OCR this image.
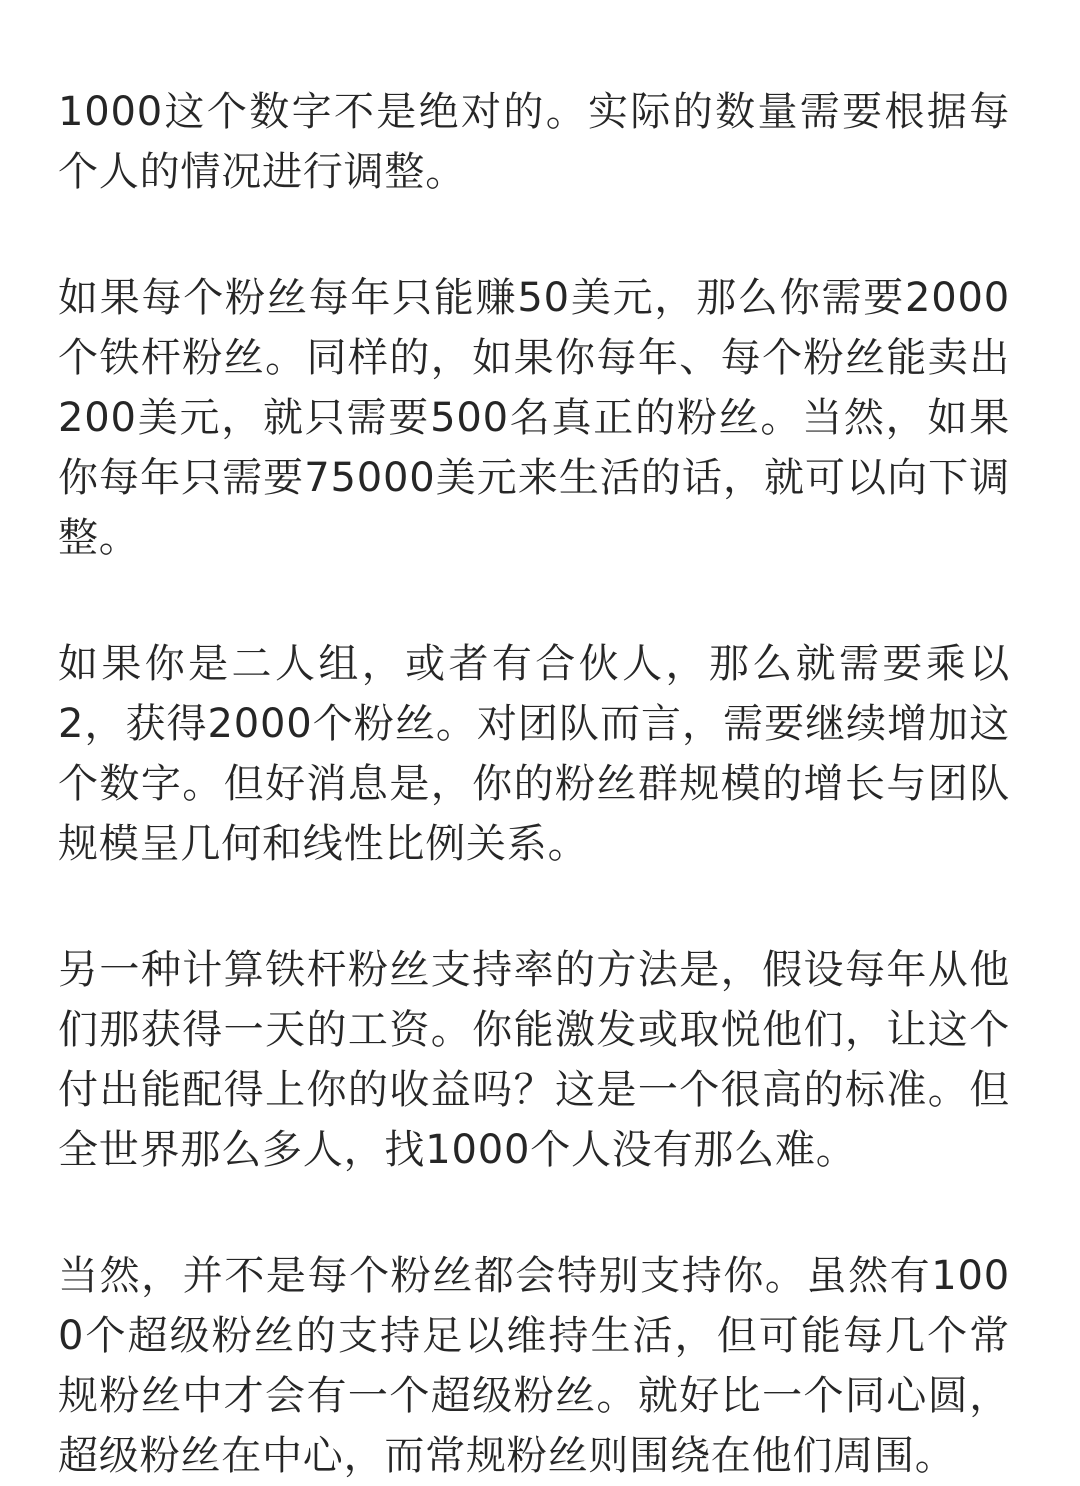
1000这个数字不是绝对的。实际的数量需要根据每个人的情况进行调整。

如果每个粉丝每年只能赚50美元，那么你需要2000个铁杆粉丝。同样的，如果你每年、每个粉丝能卖出200美元，就只需要500名真正的粉丝。当然，如果你每年只需要75000美元来生活的话，就可以向下调整。

如果你是二人组，或者有合伙人，那么就需要乘以2，获得2000个粉丝。对团队而言，需要继续增加这个数字。但好消息是，你的粉丝群规模的增长与团队规模呈几何和线性比例关系。

另一种计算铁杆粉丝支持率的方法是，假设每年从他们那获得一天的工资。你能激发或取悦他们，让这个付出能配得上你的收益吗？这是一个很高的标准。但全世界那么多人，找1000个人没有那么难。

当然，并不是每个粉丝都会特别支持你。虽然有1000个超级粉丝的支持足以维持生活，但可能每几个常规粉丝中才会有一个超级粉丝。就好比一个同心圆，超级粉丝在中心，而常规粉丝则围绕在他们周围。
